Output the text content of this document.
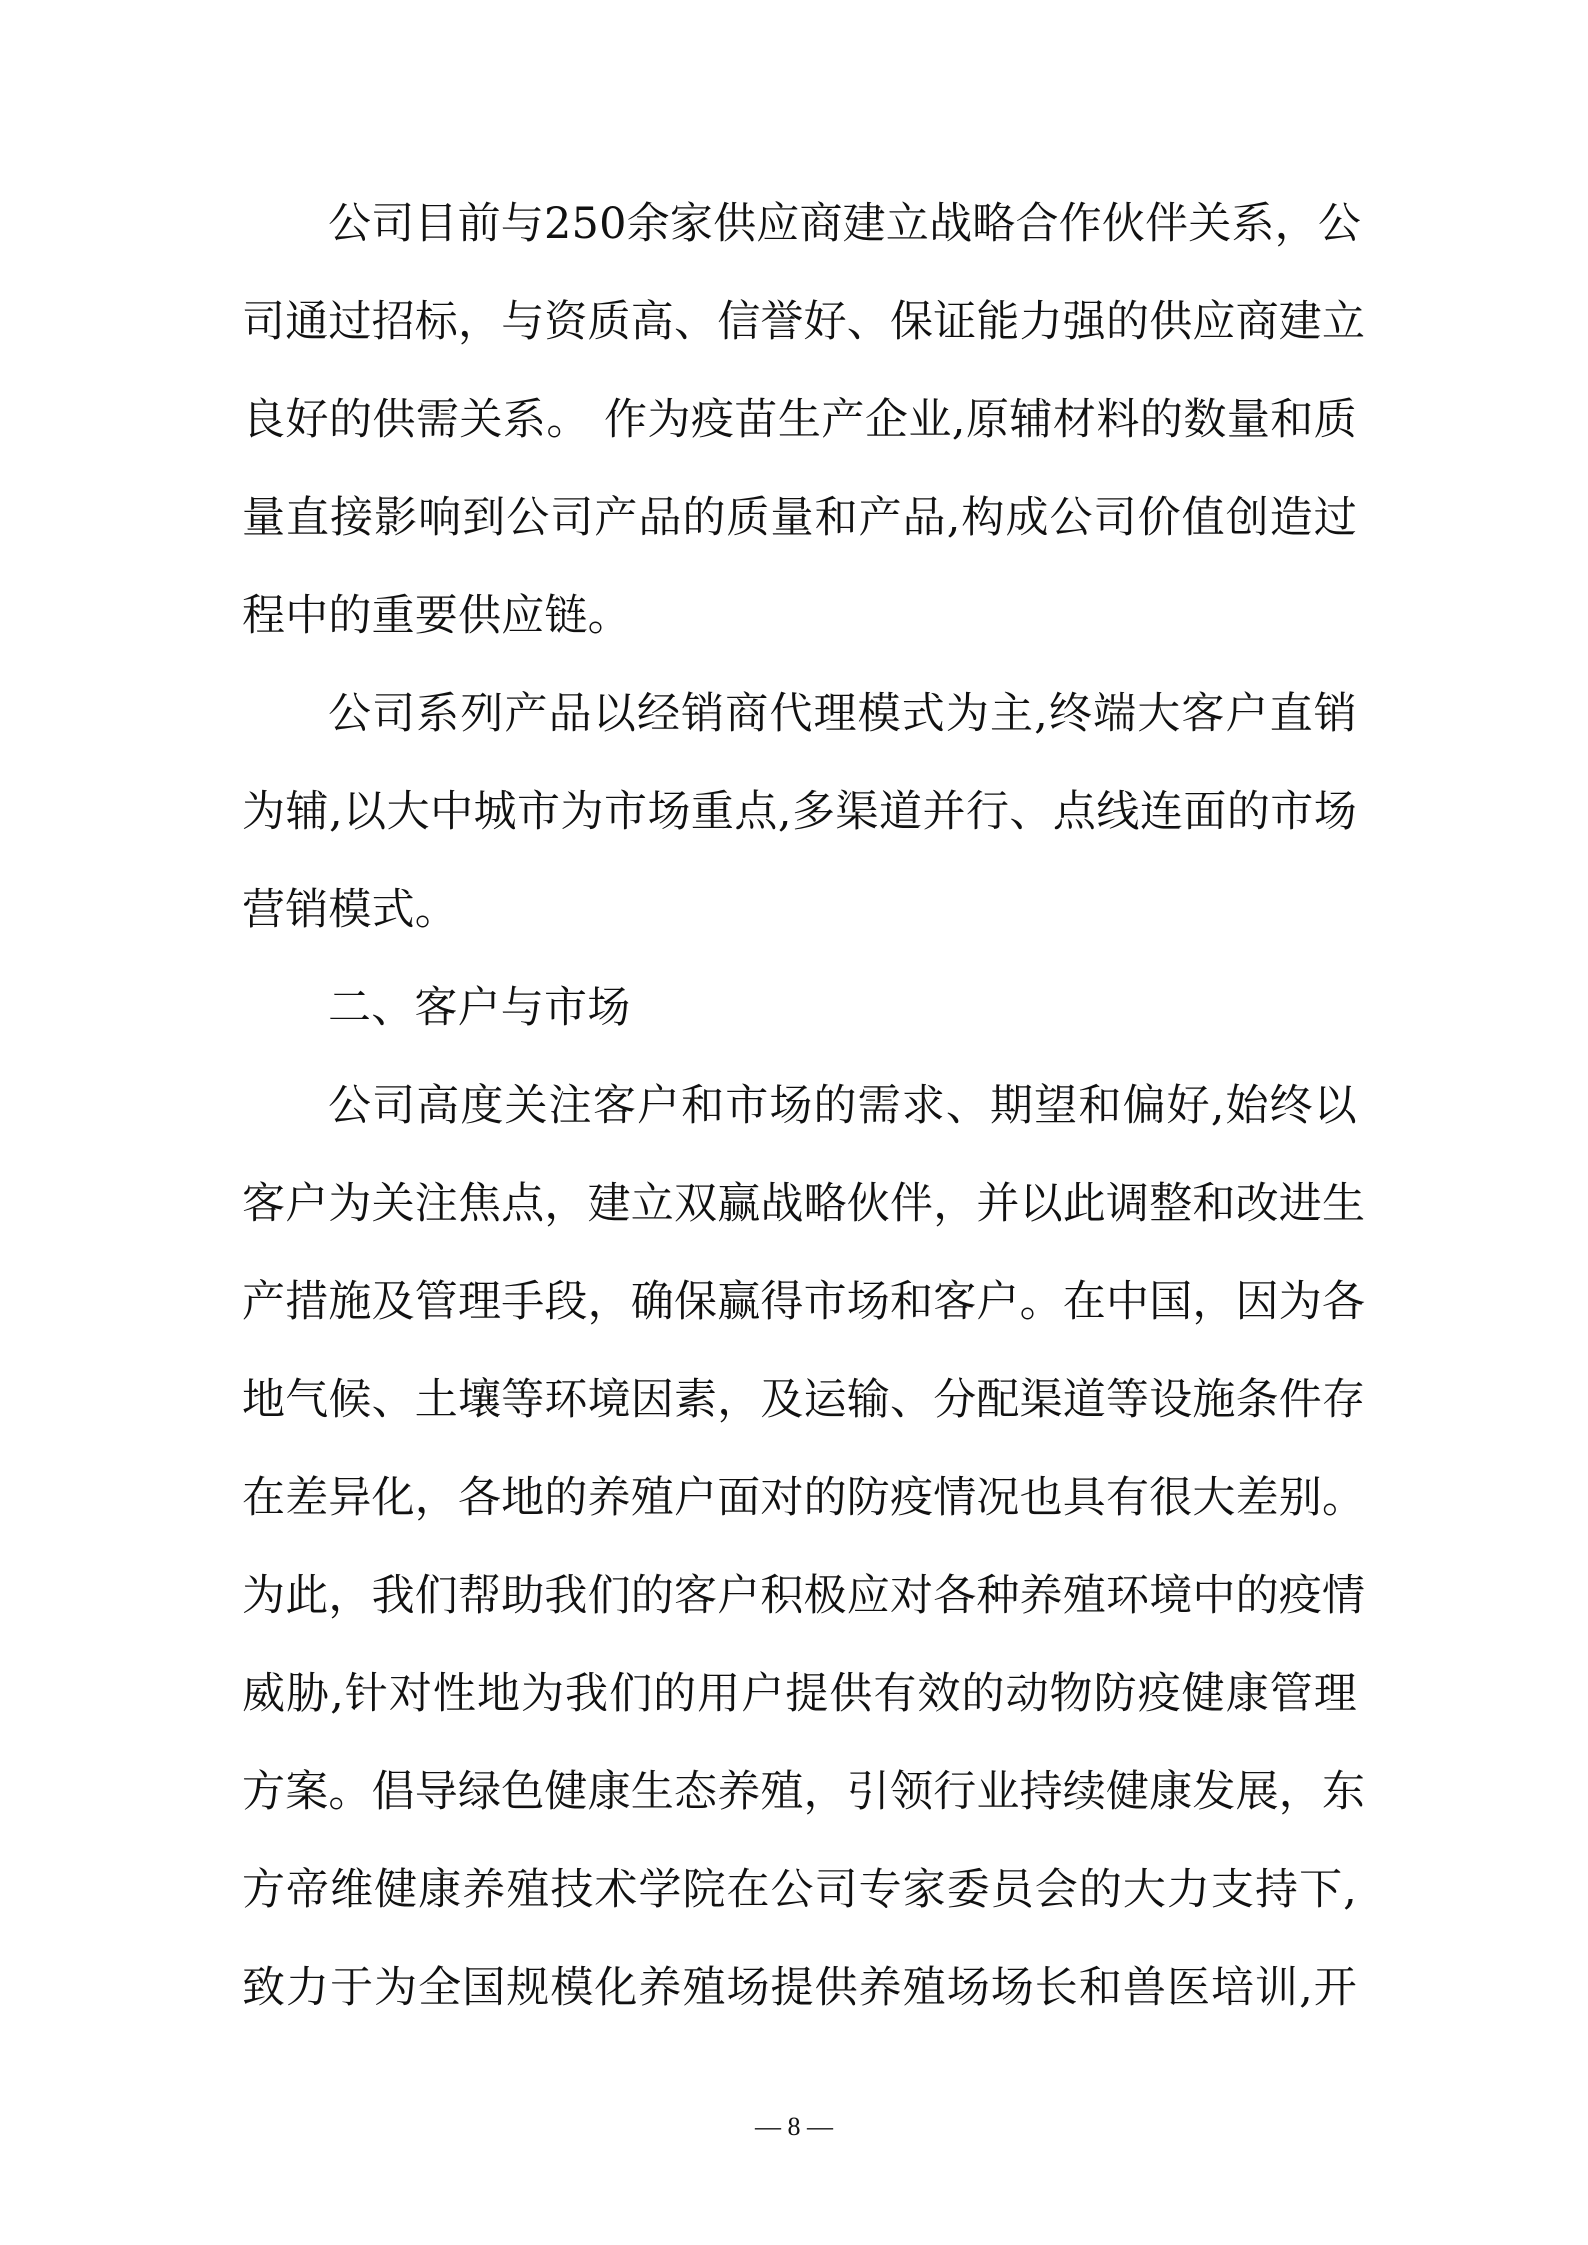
公司目前与250余家供应商建立战略合作伙伴关系，公
司通过招标，与资质高、信誉好、保证能力强的供应商建立
良好的供需关系。 作为疫苗生产企业,原辅材料的数量和质
量直接影响到公司产品的质量和产品,构成公司价值创造过
程中的重要供应链。
公司系列产品以经销商代理模式为主,终端大客户直销
为辅,以大中城市为市场重点,多渠道并行、点线连面的市场
营销模式。
二、客户与市场
公司高度关注客户和市场的需求、期望和偏好,始终以
客户为关注焦点，建立双赢战略伙伴，并以此调整和改进生
产措施及管理手段，确保赢得市场和客户。在中国，因为各
地气候、土壤等环境因素，及运输、分配渠道等设施条件存
在差异化，各地的养殖户面对的防疫情况也具有很大差别。
为此，我们帮助我们的客户积极应对各种养殖环境中的疫情
威胁,针对性地为我们的用户提供有效的动物防疫健康管理
方案。倡导绿色健康生态养殖，引领行业持续健康发展，东
方帝维健康养殖技术学院在公司专家委员会的大力支持下,
致力于为全国规模化养殖场提供养殖场场长和兽医培训,开
— 8 —
